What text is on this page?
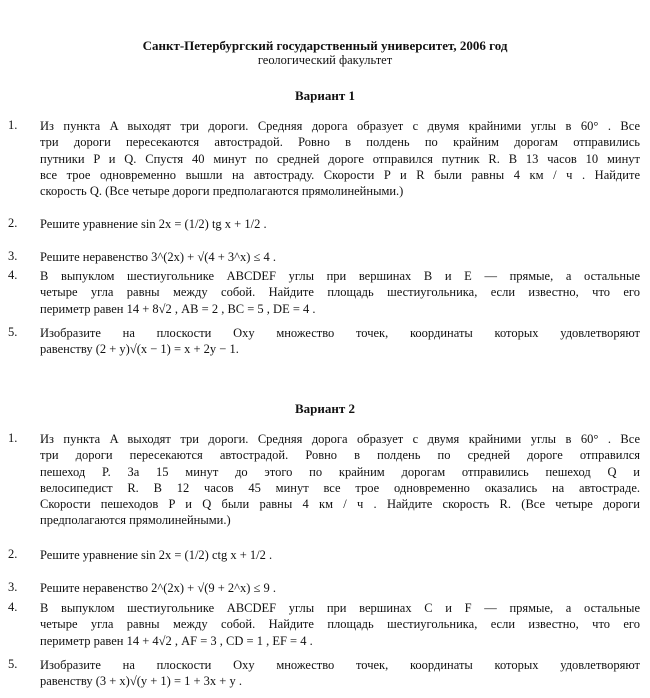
Санкт-Петербургский государственный университет, 2006 год
геологический факультет
Вариант 1
1.	Из пункта A выходят три дороги. Средняя дорога образует с двумя крайними углы в 60° . Все
три дороги пересекаются автострадой. Ровно в полдень по крайним дорогам отправились
путники P и Q. Спустя 40 минут по средней дороге отправился путник R. В 13 часов 10 минут
все трое одновременно вышли на автостраду. Скорости P и R были равны 4 км / ч . Найдите
скорость Q. (Все четыре дороги предполагаются прямолинейными.)
2.	Решите уравнение sin 2x = (1/2) tg x + 1/2 .
3.	Решите неравенство 3^(2x) + √(4 + 3^x) ≤ 4 .
4.	В выпуклом шестиугольнике ABCDEF углы при вершинах B и E — прямые, а остальные
четыре угла равны между собой. Найдите площадь шестиугольника, если известно, что его
периметр равен 14 + 8√2 , AB = 2 , BC = 5 , DE = 4 .
5.	Изобразите на плоскости Oxy множество точек, координаты которых удовлетворяют
равенству (2 + y)√(x − 1) = x + 2y − 1.
Вариант 2
1.	Из пункта A выходят три дороги. Средняя дорога образует с двумя крайними углы в 60° . Все
три дороги пересекаются автострадой. Ровно в полдень по средней дороге отправился
пешеход P. За 15 минут до этого по крайним дорогам отправились пешеход Q и
велосипедист R. В 12 часов 45 минут все трое одновременно оказались на автостраде.
Скорости пешеходов P и Q были равны 4 км / ч . Найдите скорость R. (Все четыре дороги
предполагаются прямолинейными.)
2.	Решите уравнение sin 2x = (1/2) ctg x + 1/2 .
3.	Решите неравенство 2^(2x) + √(9 + 2^x) ≤ 9 .
4.	В выпуклом шестиугольнике ABCDEF углы при вершинах C и F — прямые, а остальные
четыре угла равны между собой. Найдите площадь шестиугольника, если известно, что его
периметр равен 14 + 4√2 , AF = 3 , CD = 1 , EF = 4 .
5.	Изобразите на плоскости Oxy множество точек, координаты которых удовлетворяют
равенству (3 + x)√(y + 1) = 1 + 3x + y .
